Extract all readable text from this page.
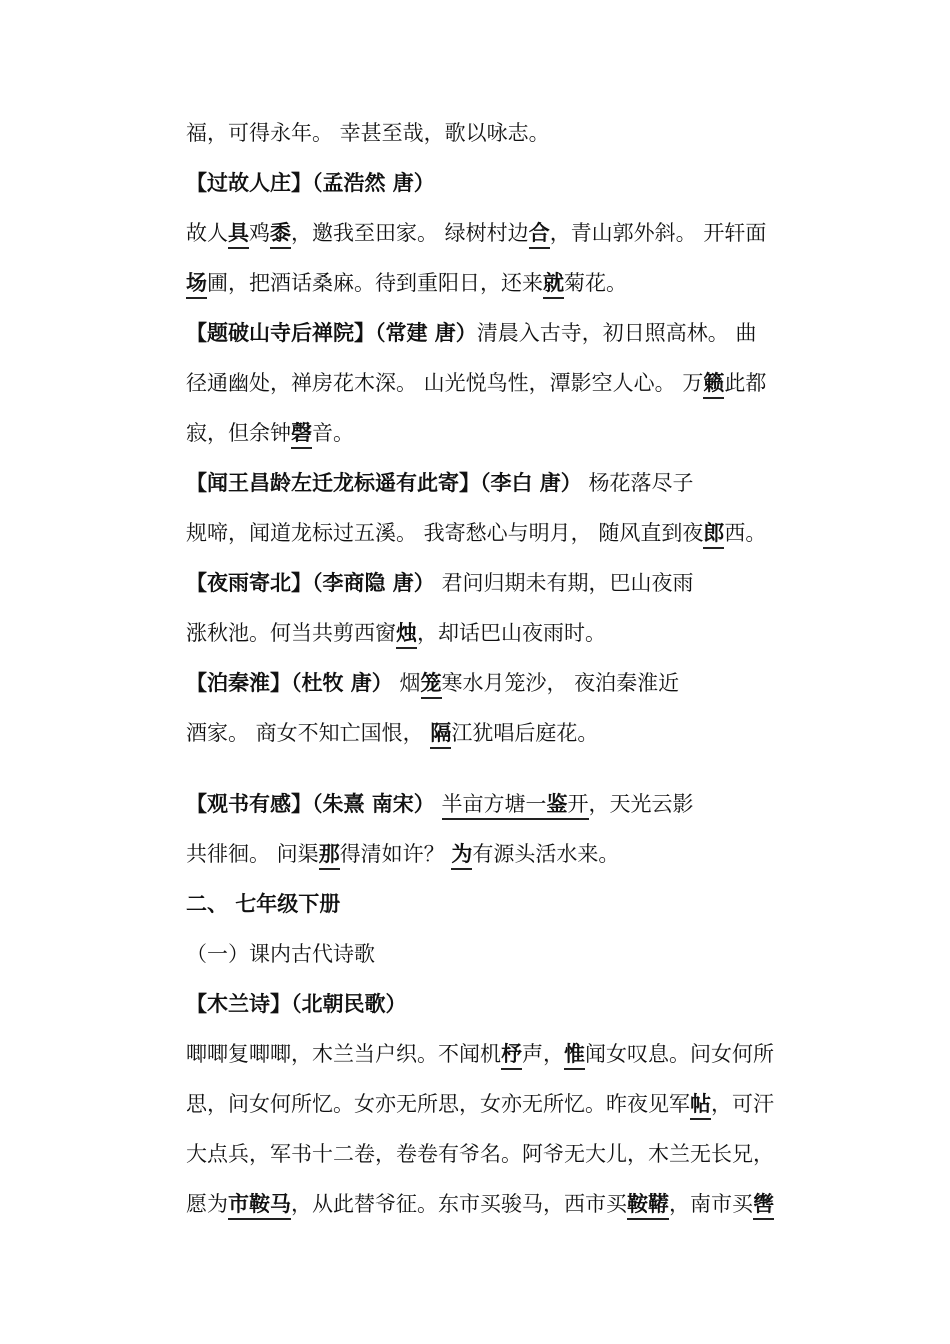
福，可得永年。 幸甚至哉，歌以咏志。
【过故人庄】（孟浩然 唐）
故人具鸡黍，邀我至田家。 绿树村边合，青山郭外斜。 开轩面
场圃，把酒话桑麻。待到重阳日，还来就菊花。
【题破山寺后禅院】（常建 唐）清晨入古寺，初日照高林。 曲
径通幽处，禅房花木深。 山光悦鸟性，潭影空人心。 万籁此都
寂，但余钟磬音。
【闻王昌龄左迁龙标遥有此寄】（李白 唐） 杨花落尽子
规啼，闻道龙标过五溪。 我寄愁心与明月， 随风直到夜郎西。
【夜雨寄北】（李商隐 唐） 君问归期未有期，巴山夜雨
涨秋池。何当共剪西窗烛，却话巴山夜雨时。
【泊秦淮】（杜牧 唐） 烟笼寒水月笼沙， 夜泊秦淮近
酒家。 商女不知亡国恨， 隔江犹唱后庭花。
【观书有感】（朱熹 南宋） 半亩方塘一鉴开，天光云影
共徘徊。 问渠那得清如许？ 为有源头活水来。
二、 七年级下册
（一）课内古代诗歌
【木兰诗】（北朝民歌）
唧唧复唧唧，木兰当户织。不闻机杼声，惟闻女叹息。问女何所
思，问女何所忆。女亦无所思，女亦无所忆。昨夜见军帖，可汗
大点兵，军书十二卷，卷卷有爷名。阿爷无大儿，木兰无长兄，
愿为市鞍马，从此替爷征。东市买骏马，西市买鞍鞯，南市买辔
